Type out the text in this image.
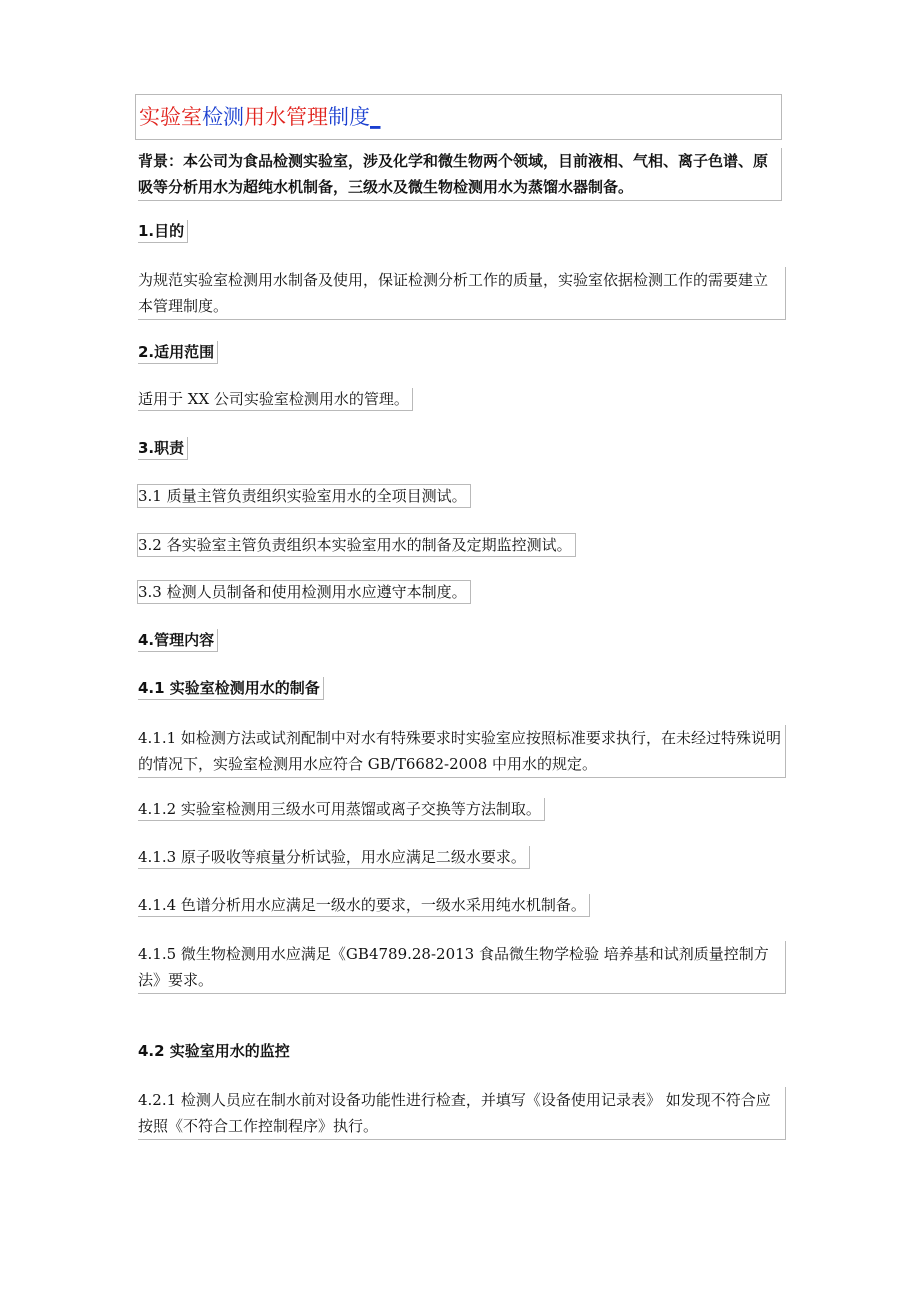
实验室检测用水管理制度_
背景：本公司为食品检测实验室，涉及化学和微生物两个领域，目前液相、气相、离子色谱、原吸等分析用水为超纯水机制备，三级水及微生物检测用水为蒸馏水器制备。
1.目的
为规范实验室检测用水制备及使用，保证检测分析工作的质量，实验室依据检测工作的需要建立本管理制度。
2.适用范围
适用于 XX 公司实验室检测用水的管理。
3.职责
3.1 质量主管负责组织实验室用水的全项目测试。
3.2 各实验室主管负责组织本实验室用水的制备及定期监控测试。
3.3 检测人员制备和使用检测用水应遵守本制度。
4.管理内容
4.1 实验室检测用水的制备
4.1.1 如检测方法或试剂配制中对水有特殊要求时实验室应按照标准要求执行，在未经过特殊说明的情况下，实验室检测用水应符合 GB/T6682-2008 中用水的规定。
4.1.2 实验室检测用三级水可用蒸馏或离子交换等方法制取。
4.1.3 原子吸收等痕量分析试验，用水应满足二级水要求。
4.1.4 色谱分析用水应满足一级水的要求，一级水采用纯水机制备。
4.1.5 微生物检测用水应满足《GB4789.28-2013 食品微生物学检验 培养基和试剂质量控制方法》要求。
4.2 实验室用水的监控
4.2.1 检测人员应在制水前对设备功能性进行检查，并填写《设备使用记录表》 如发现不符合应按照《不符合工作控制程序》执行。
